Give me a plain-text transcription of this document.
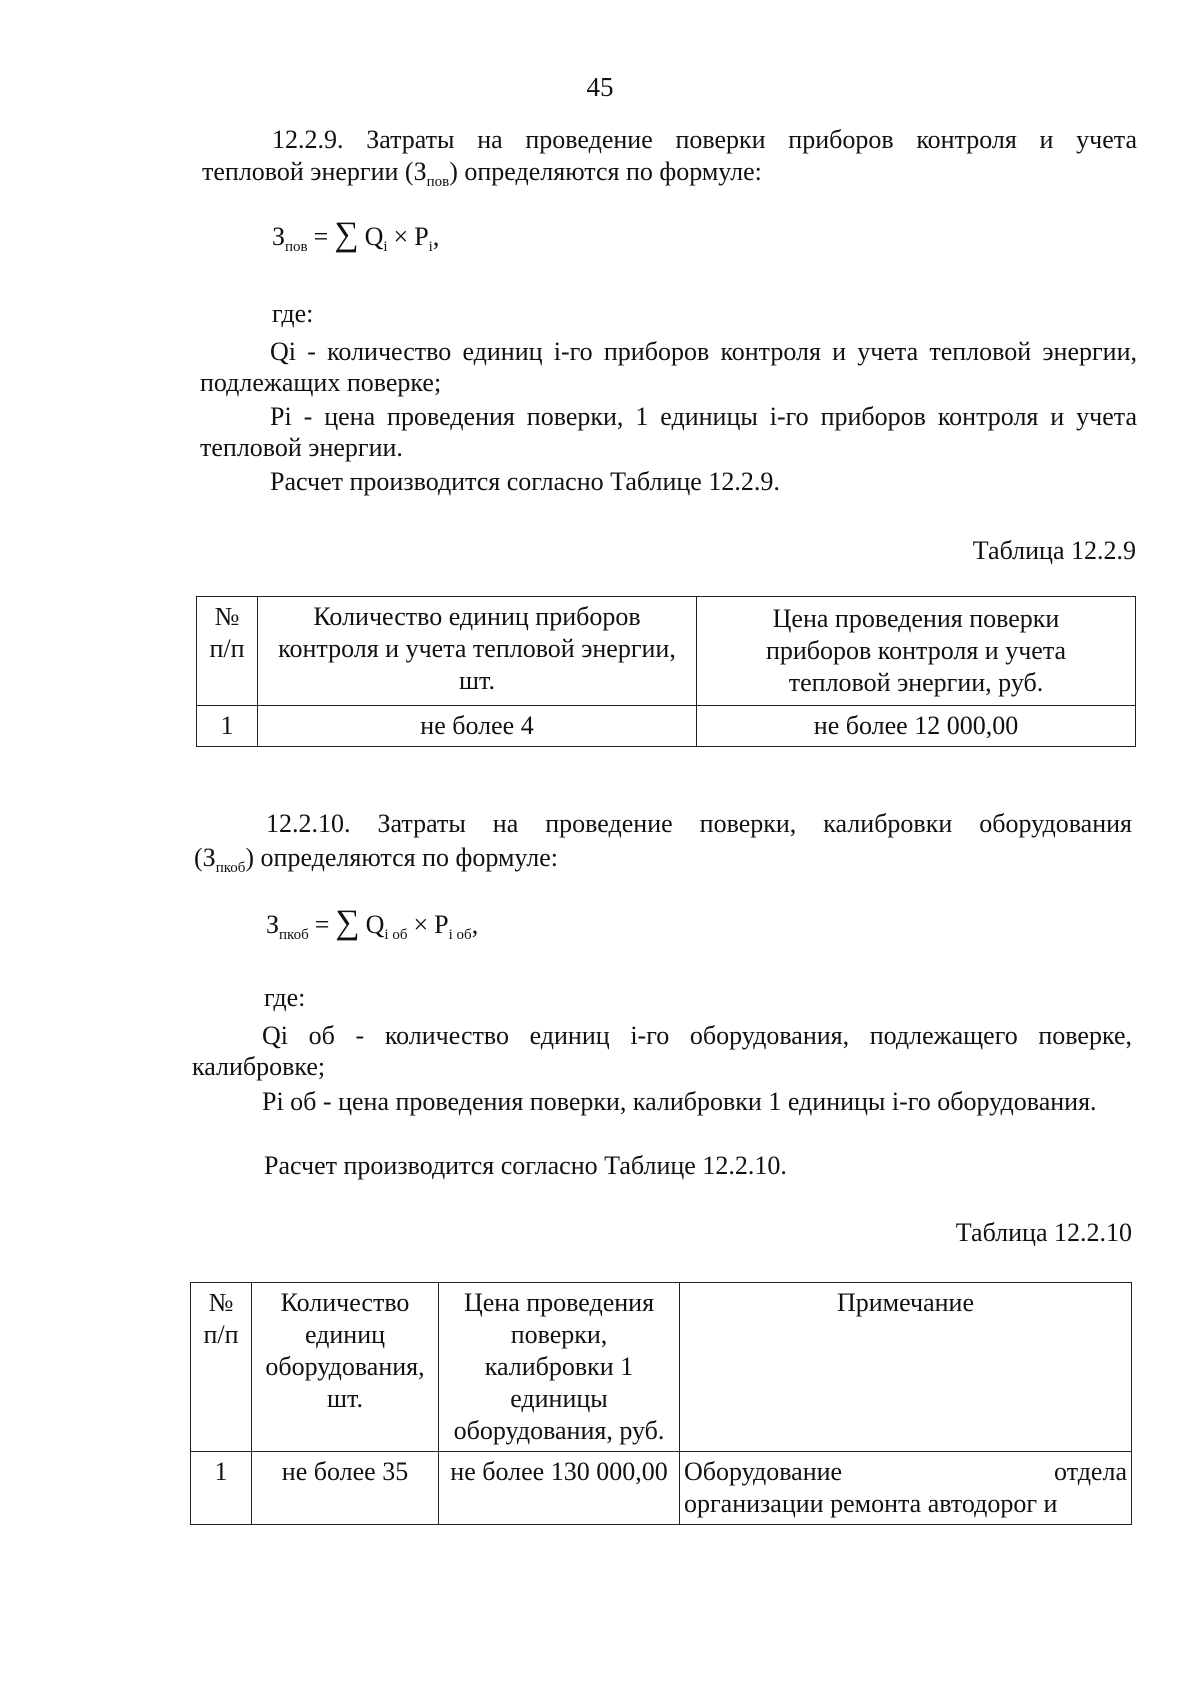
45
12.2.9. Затраты на проведение поверки приборов контроля и учета
тепловой энергии $(З_{пов})$ определяются по формуле:
$З_{пов}$ = ∑ $Q_i \times P_i$,
где:
Qi - количество единиц i-го приборов контроля и учета тепловой энергии, подлежащих поверке;
Pi - цена проведения поверки, 1 единицы i-го приборов контроля и учета тепловой энергии.
Расчет производится согласно Таблице 12.2.9.
Таблица 12.2.9
№ п/п	Количество единиц приборов контроля и учета тепловой энергии, шт.	Цена проведения поверки приборов контроля и учета тепловой энергии, руб.
1	не более 4	не более 12 000,00
12.2.10. Затраты на проведение поверки, калибровки оборудования
$(З_{пкоб})$ определяются по формуле:
$З_{пкоб}$ = ∑ $Q_{i об} \times P_{i об}$,
где:
Qi об - количество единиц i-го оборудования, подлежащего поверке, калибровке;
Pi об - цена проведения поверки, калибровки 1 единицы i-го оборудования.
Расчет производится согласно Таблице 12.2.10.
Таблица 12.2.10
№ п/п	Количество единиц оборудования, шт.	Цена проведения поверки, калибровки 1 единицы оборудования, руб.	Примечание
1	не более 35	не более 130 000,00	Оборудование отдела
организации ремонта автодорог и
